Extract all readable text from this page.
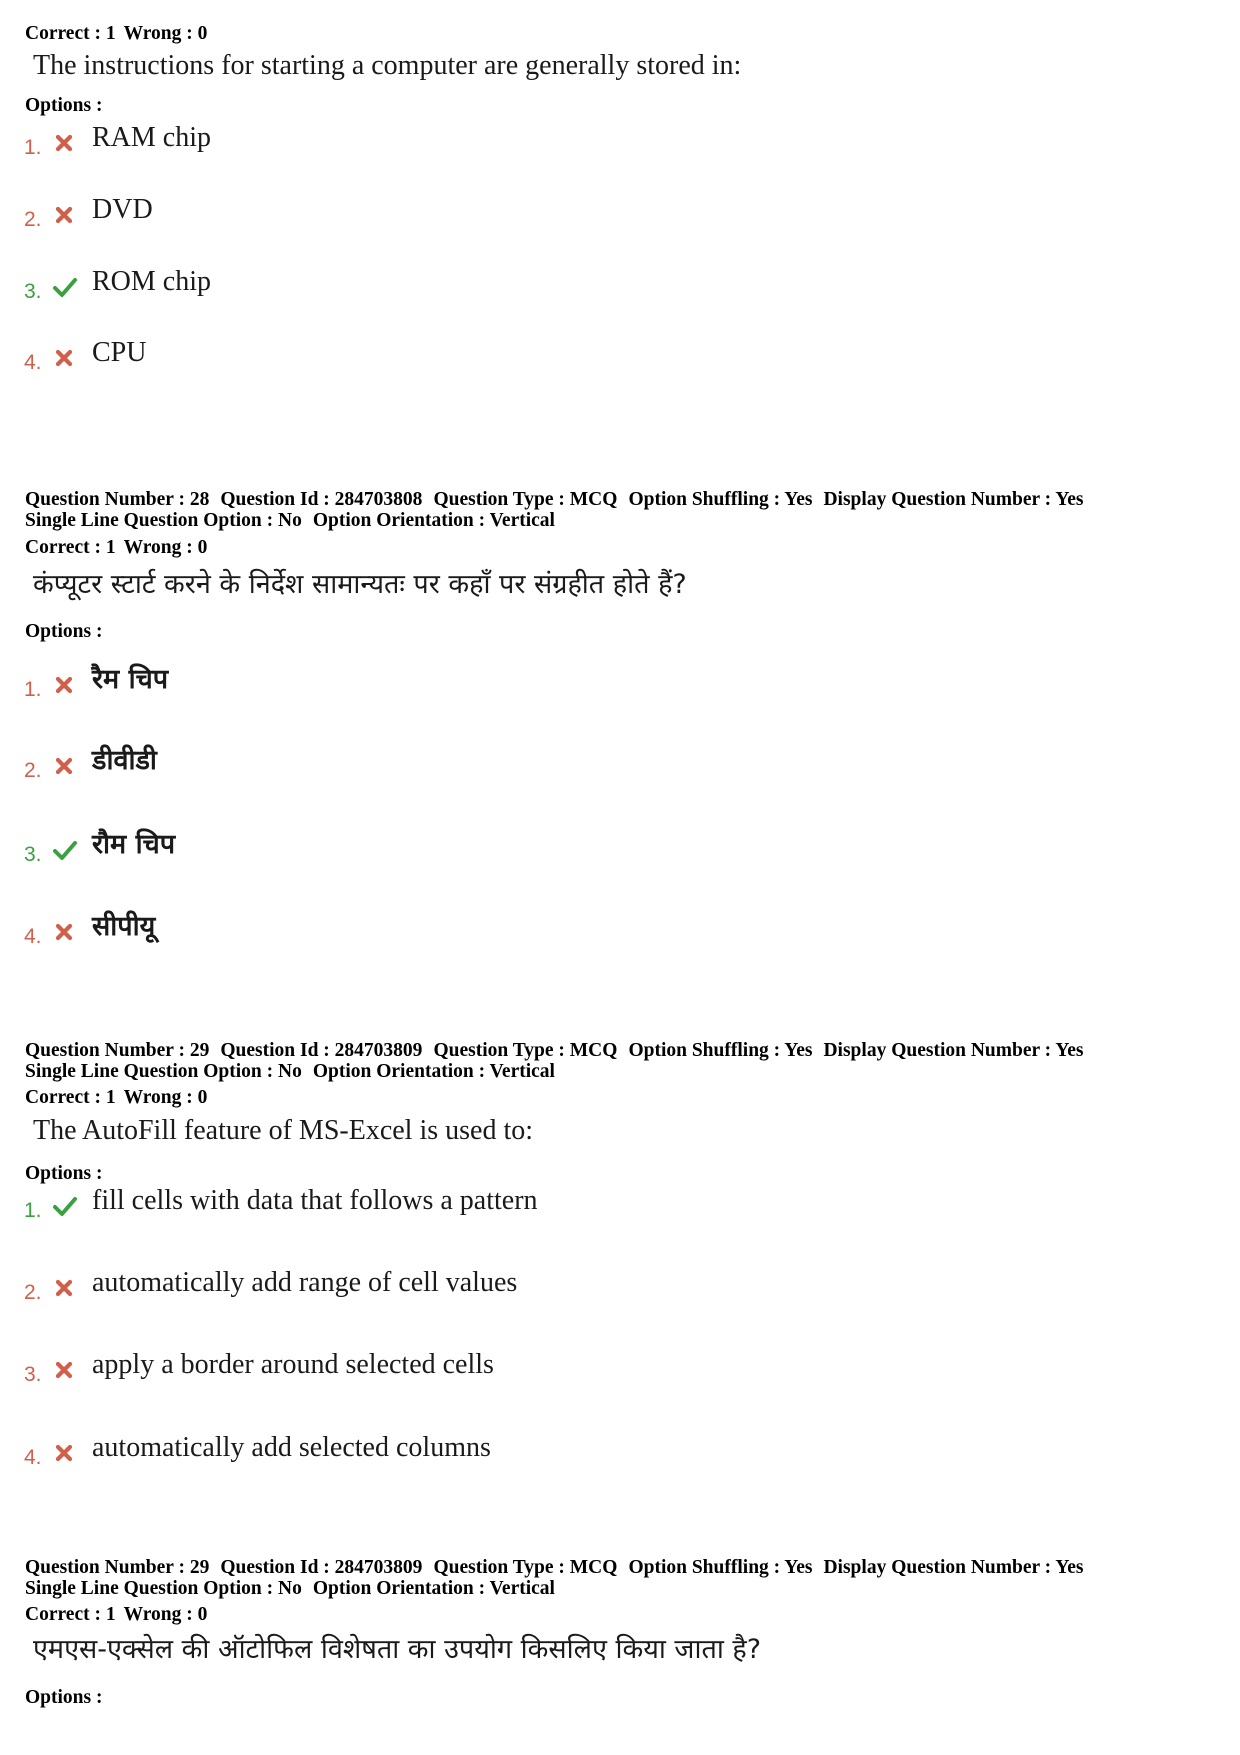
Correct : 1 Wrong : 0
The instructions for starting a computer are generally stored in:
Options :
1. RAM chip
2. DVD
3. ROM chip
4. CPU
Question Number : 28 Question Id : 284703808 Question Type : MCQ Option Shuffling : Yes Display Question Number : Yes
Single Line Question Option : No Option Orientation : Vertical
Correct : 1 Wrong : 0
कंप्यूटर स्टार्ट करने के निर्देश सामान्यतः पर कहाँ पर संग्रहीत होते हैं?
Options :
1. रैम चिप
2. डीवीडी
3. रौम चिप
4. सीपीयू
Question Number : 29 Question Id : 284703809 Question Type : MCQ Option Shuffling : Yes Display Question Number : Yes
Single Line Question Option : No Option Orientation : Vertical
Correct : 1 Wrong : 0
The AutoFill feature of MS-Excel is used to:
Options :
1. fill cells with data that follows a pattern
2. automatically add range of cell values
3. apply a border around selected cells
4. automatically add selected columns
Question Number : 29 Question Id : 284703809 Question Type : MCQ Option Shuffling : Yes Display Question Number : Yes
Single Line Question Option : No Option Orientation : Vertical
Correct : 1 Wrong : 0
एमएस-एक्सेल की ऑटोफिल विशेषता का उपयोग किसलिए किया जाता है?
Options :
